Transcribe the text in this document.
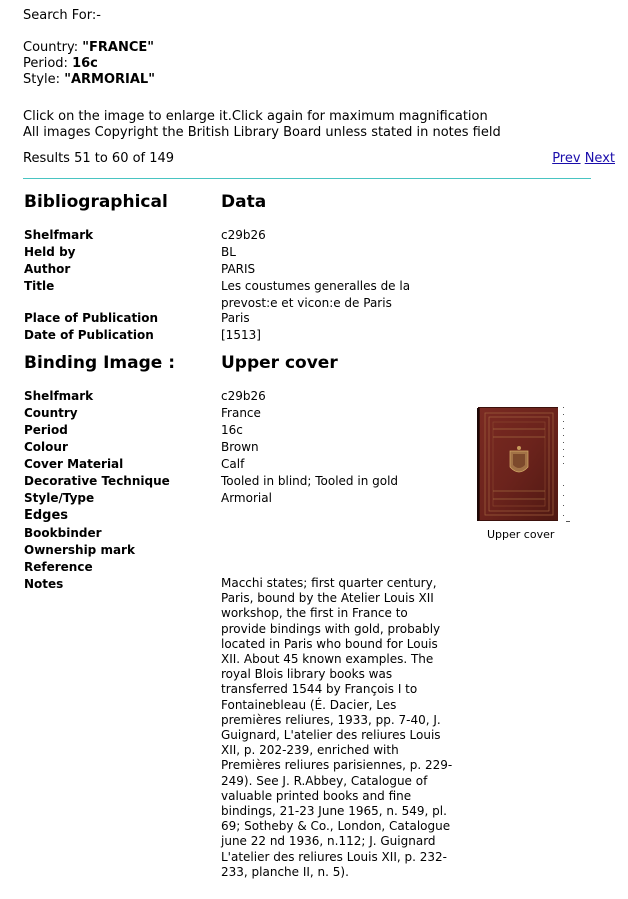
Search For:-
Country: "FRANCE"
Period: 16c
Style: "ARMORIAL"
Click on the image to enlarge it.Click again for maximum magnification
All images Copyright the British Library Board unless stated in notes field
Results 51 to 60 of 149	Prev Next
Bibliographical	Data
Shelfmark	c29b26
Held by	BL
Author	PARIS
Title	Les coustumes generalles de la prevost:e et vicon:e de Paris
Place of Publication	Paris
Date of Publication	[1513]
Binding Image :	Upper cover
Shelfmark	c29b26
Country	France
Period	16c
Colour	Brown
Cover Material	Calf
Decorative Technique	Tooled in blind; Tooled in gold
Style/Type	Armorial
Edges
Bookbinder
Ownership mark
Reference
Notes	Macchi states; first quarter century, Paris, bound by the Atelier Louis XII workshop, the first in France to provide bindings with gold, probably located in Paris who bound for Louis XII. About 45 known examples. The royal Blois library books was transferred 1544 by François I to Fontainebleau (É. Dacier, Les premières reliures, 1933, pp. 7-40, J. Guignard, L'atelier des reliures Louis XII, p. 202-239, enriched with Premières reliures parisiennes, p. 229-249). See J. R.Abbey, Catalogue of valuable printed books and fine bindings, 21-23 June 1965, n. 549, pl. 69; Sotheby & Co., London, Catalogue june 22 nd 1936, n.112; J. Guignard L'atelier des reliures Louis XII, p. 232-233, planche II, n. 5).
Upper cover
